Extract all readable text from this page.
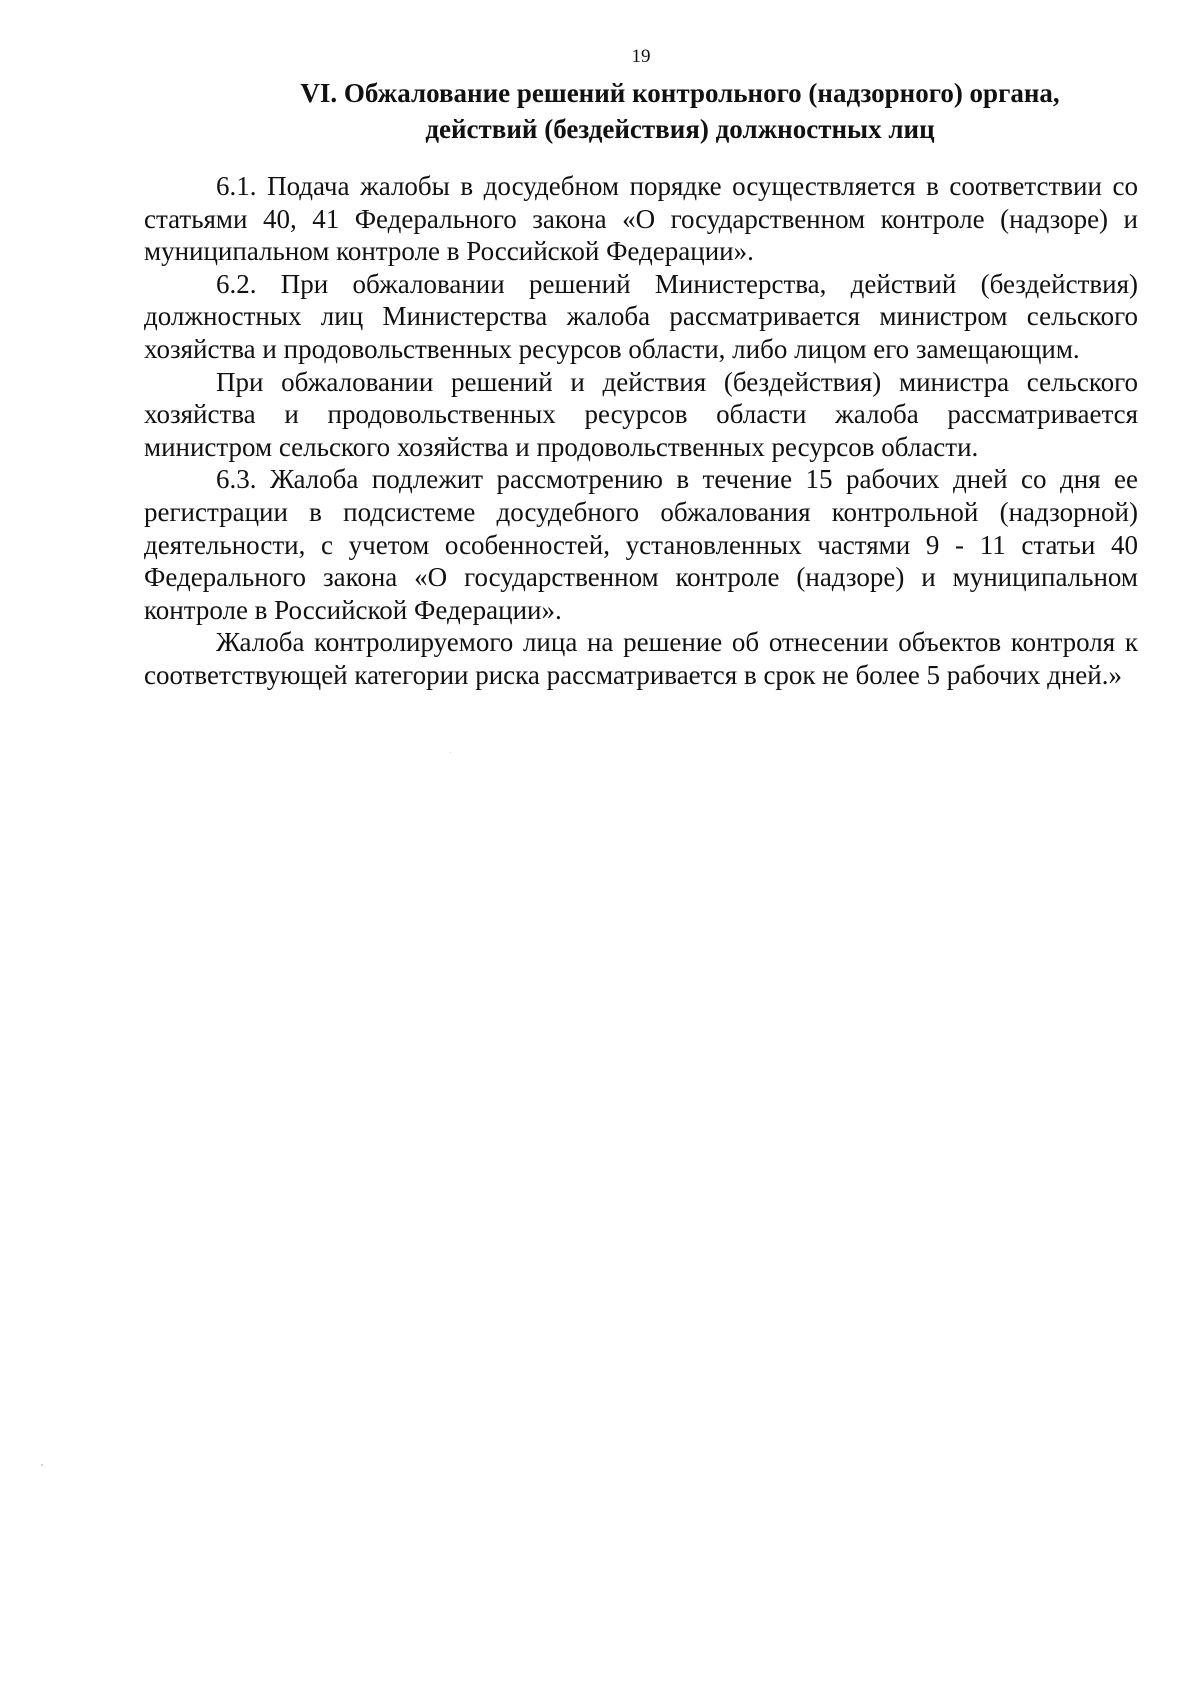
19
VI. Обжалование решений контрольного (надзорного) органа,
действий (бездействия) должностных лиц

6.1. Подача жалобы в досудебном порядке осуществляется в соответствии со статьями 40, 41 Федерального закона «О государственном контроле (надзоре) и муниципальном контроле в Российской Федерации».

6.2. При обжаловании решений Министерства, действий (бездействия) должностных лиц Министерства жалоба рассматривается министром сельского хозяйства и продовольственных ресурсов области, либо лицом его замещающим.

При обжаловании решений и действия (бездействия) министра сельского хозяйства и продовольственных ресурсов области жалоба рассматривается министром сельского хозяйства и продовольственных ресурсов области.

6.3. Жалоба подлежит рассмотрению в течение 15 рабочих дней со дня ее регистрации в подсистеме досудебного обжалования контрольной (надзорной) деятельности, с учетом особенностей, установленных частями 9 - 11 статьи 40 Федерального закона «О государственном контроле (надзоре) и муниципальном контроле в Российской Федерации».

Жалоба контролируемого лица на решение об отнесении объектов контроля к соответствующей категории риска рассматривается в срок не более 5 рабочих дней.»
